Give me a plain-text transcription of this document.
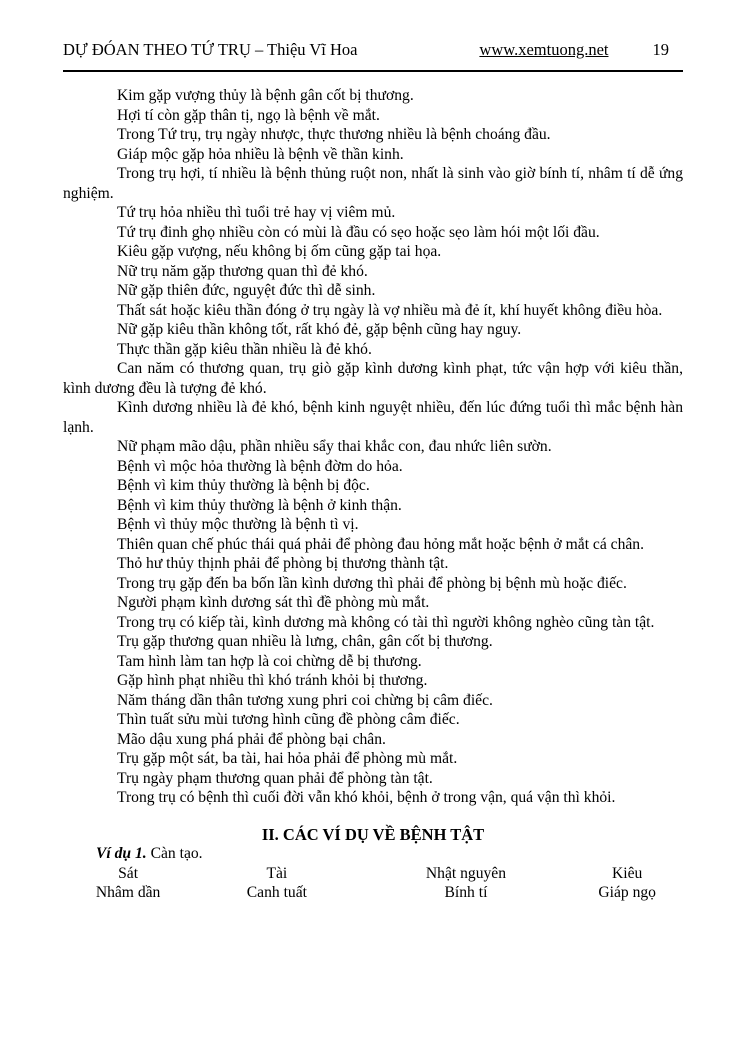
DỰ ĐÓAN THEO TỨ TRỤ – Thiệu Vĩ Hoa	www.xemtuong.net	19

Kim gặp vượng thủy là bệnh gân cốt bị thương.

Hợi tí còn gặp thân tị, ngọ là bệnh về mắt.

Trong Tứ trụ, trụ ngày nhược, thực thương nhiều là bệnh choáng đầu.

Giáp mộc gặp hỏa nhiều là bệnh về thần kinh.

Trong trụ hợi, tí nhiều là bệnh thủng ruột non, nhất là sinh vào giờ bính tí, nhâm tí dễ ứng nghiệm.

Tứ trụ hỏa nhiều thì tuổi trẻ hay vị viêm mủ.

Tứ trụ đinh ghọ nhiều còn có mùi là đầu có sẹo hoặc sẹo làm hói một lối đầu.

Kiêu gặp vượng, nếu không bị ốm cũng gặp tai họa.

Nữ trụ năm gặp thương quan thì đẻ khó.

Nữ gặp thiên đức, nguyệt đức thì dễ sinh.

Thất sát hoặc kiêu thần đóng ở trụ ngày là vợ nhiều mà đẻ ít, khí huyết không điều hòa.

Nữ gặp kiêu thần không tốt, rất khó đẻ, gặp bệnh cũng hay nguy.

Thực thần gặp kiêu thần nhiều là đẻ khó.

Can năm có thương quan, trụ giò gặp kình dương kình phạt, tức vận hợp với kiêu thần, kình dương đều là tượng đẻ khó.

Kình dương nhiều là đẻ khó, bệnh kinh nguyệt nhiều, đến lúc đứng tuổi thì mắc bệnh hàn lạnh.

Nữ phạm mão dậu, phần nhiều sẩy thai khắc con, đau nhức liên sườn.

Bệnh vì mộc hỏa thường là bệnh đờm do hỏa.

Bệnh vì kim thủy thường là bệnh bị độc.

Bệnh vì kim thủy thường là bệnh ở kinh thận.

Bệnh vì thủy mộc thường là bệnh tì vị.

Thiên quan chế phúc thái quá phải để phòng đau hỏng mắt hoặc bệnh ở mắt cá chân.

Thỏ hư thủy thịnh phải để phòng bị thương thành tật.

Trong trụ gặp đến ba bốn lần kình dương thì phải để phòng bị bệnh mù hoặc điếc.

Người phạm kình dương sát thì đề phòng mù mắt.

Trong trụ có kiếp tài, kình dương mà không có tài thì người không nghèo cũng tàn tật.

Trụ gặp thương quan nhiều là lưng, chân, gân cốt bị thương.

Tam hình làm tan hợp là coi chừng dễ bị thương.

Gặp hình phạt nhiều thì khó tránh khỏi bị thương.

Năm tháng dần thân tương xung phri coi chừng bị câm điếc.

Thìn tuất sửu mùi tương hình cũng đề phòng câm điếc.

Mão dậu xung phá phải để phòng bại chân.

Trụ gặp một sát, ba tài, hai hỏa phải để phòng mù mắt.

Trụ ngày phạm thương quan phải để phòng tàn tật.

Trong trụ có bệnh thì cuối đời vẫn khó khỏi, bệnh ở trong vận, quá vận thì khỏi.

II. CÁC VÍ DỤ VỀ BỆNH TẬT

Ví dụ 1. Càn tạo.

Sát	Tài	Nhật nguyên	Kiêu
Nhâm dần	Canh tuất	Bính tí	Giáp ngọ
